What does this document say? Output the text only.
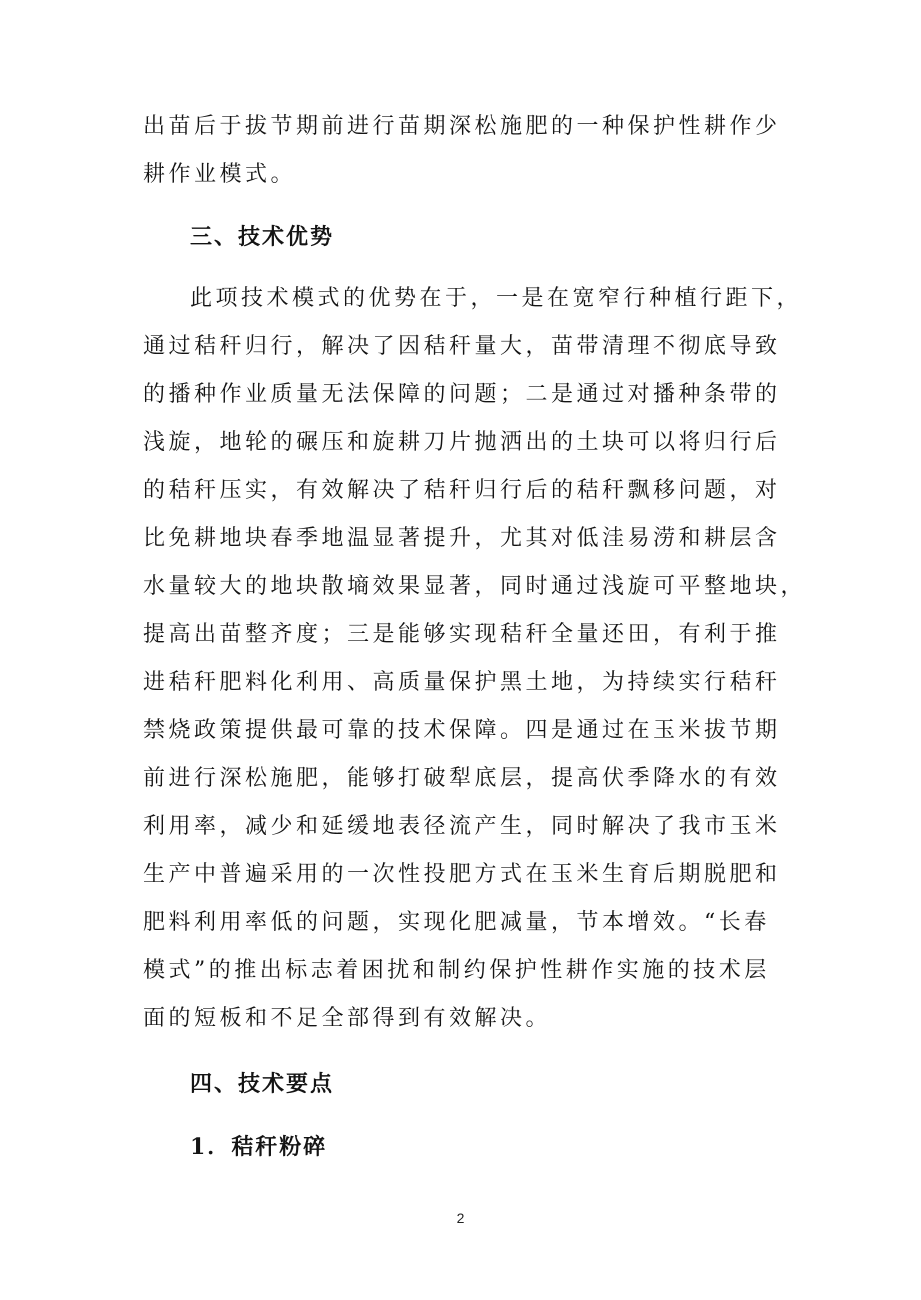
出苗后于拔节期前进行苗期深松施肥的一种保护性耕作少
耕作业模式。
三、技术优势
此项技术模式的优势在于，一是在宽窄行种植行距下，
通过秸秆归行，解决了因秸秆量大，苗带清理不彻底导致
的播种作业质量无法保障的问题；二是通过对播种条带的
浅旋，地轮的碾压和旋耕刀片抛洒出的土块可以将归行后
的秸秆压实，有效解决了秸秆归行后的秸秆飘移问题，对
比免耕地块春季地温显著提升，尤其对低洼易涝和耕层含
水量较大的地块散墒效果显著，同时通过浅旋可平整地块，
提高出苗整齐度；三是能够实现秸秆全量还田，有利于推
进秸秆肥料化利用、高质量保护黑土地，为持续实行秸秆
禁烧政策提供最可靠的技术保障。四是通过在玉米拔节期
前进行深松施肥，能够打破犁底层，提高伏季降水的有效
利用率，减少和延缓地表径流产生，同时解决了我市玉米
生产中普遍采用的一次性投肥方式在玉米生育后期脱肥和
肥料利用率低的问题，实现化肥减量，节本增效。“长春
模式”的推出标志着困扰和制约保护性耕作实施的技术层
面的短板和不足全部得到有效解决。
四、技术要点
1．秸秆粉碎
2
